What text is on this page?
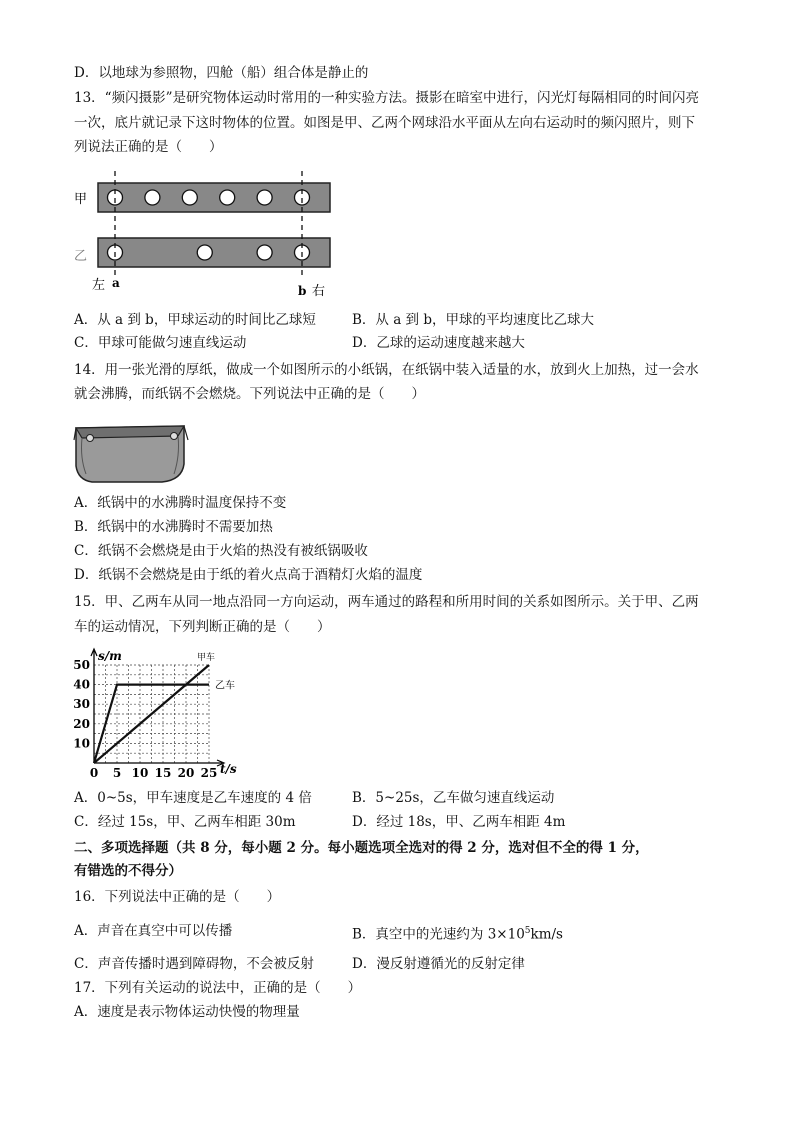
D．以地球为参照物，四舱（船）组合体是静止的
13．“频闪摄影”是研究物体运动时常用的一种实验方法。摄影在暗室中进行，闪光灯每隔相同的时间闪亮
一次，底片就记录下这时物体的位置。如图是甲、乙两个网球沿水平面从左向右运动时的频闪照片，则下
列说法正确的是（　　）
甲
乙
左 a
b 右
A．从 a 到 b，甲球运动的时间比乙球短	B．从 a 到 b，甲球的平均速度比乙球大
C．甲球可能做匀速直线运动	D．乙球的运动速度越来越大
14．用一张光滑的厚纸，做成一个如图所示的小纸锅，在纸锅中装入适量的水，放到火上加热，过一会水
就会沸腾，而纸锅不会燃烧。下列说法中正确的是（　　）
A．纸锅中的水沸腾时温度保持不变
B．纸锅中的水沸腾时不需要加热
C．纸锅不会燃烧是由于火焰的热没有被纸锅吸收
D．纸锅不会燃烧是由于纸的着火点高于酒精灯火焰的温度
15．甲、乙两车从同一地点沿同一方向运动，两车通过的路程和所用时间的关系如图所示。关于甲、乙两
车的运动情况，下列判断正确的是（　　）
0 5 10 15 20 25
10
20
30
40
50
s/m
t/s
甲车
乙车
A．0~5s，甲车速度是乙车速度的 4 倍	B．5~25s，乙车做匀速直线运动
C．经过 15s，甲、乙两车相距 30m	D．经过 18s，甲、乙两车相距 4m
二、多项选择题（共 8 分，每小题 2 分。每小题选项全选对的得 2 分，选对但不全的得 1 分，
有错选的不得分）
16．下列说法中正确的是（　　）
A．声音在真空中可以传播	B．真空中的光速约为 $3\times 10^5km/s$
C．声音传播时遇到障碍物，不会被反射	D．漫反射遵循光的反射定律
17．下列有关运动的说法中，正确的是（　　）
A．速度是表示物体运动快慢的物理量
